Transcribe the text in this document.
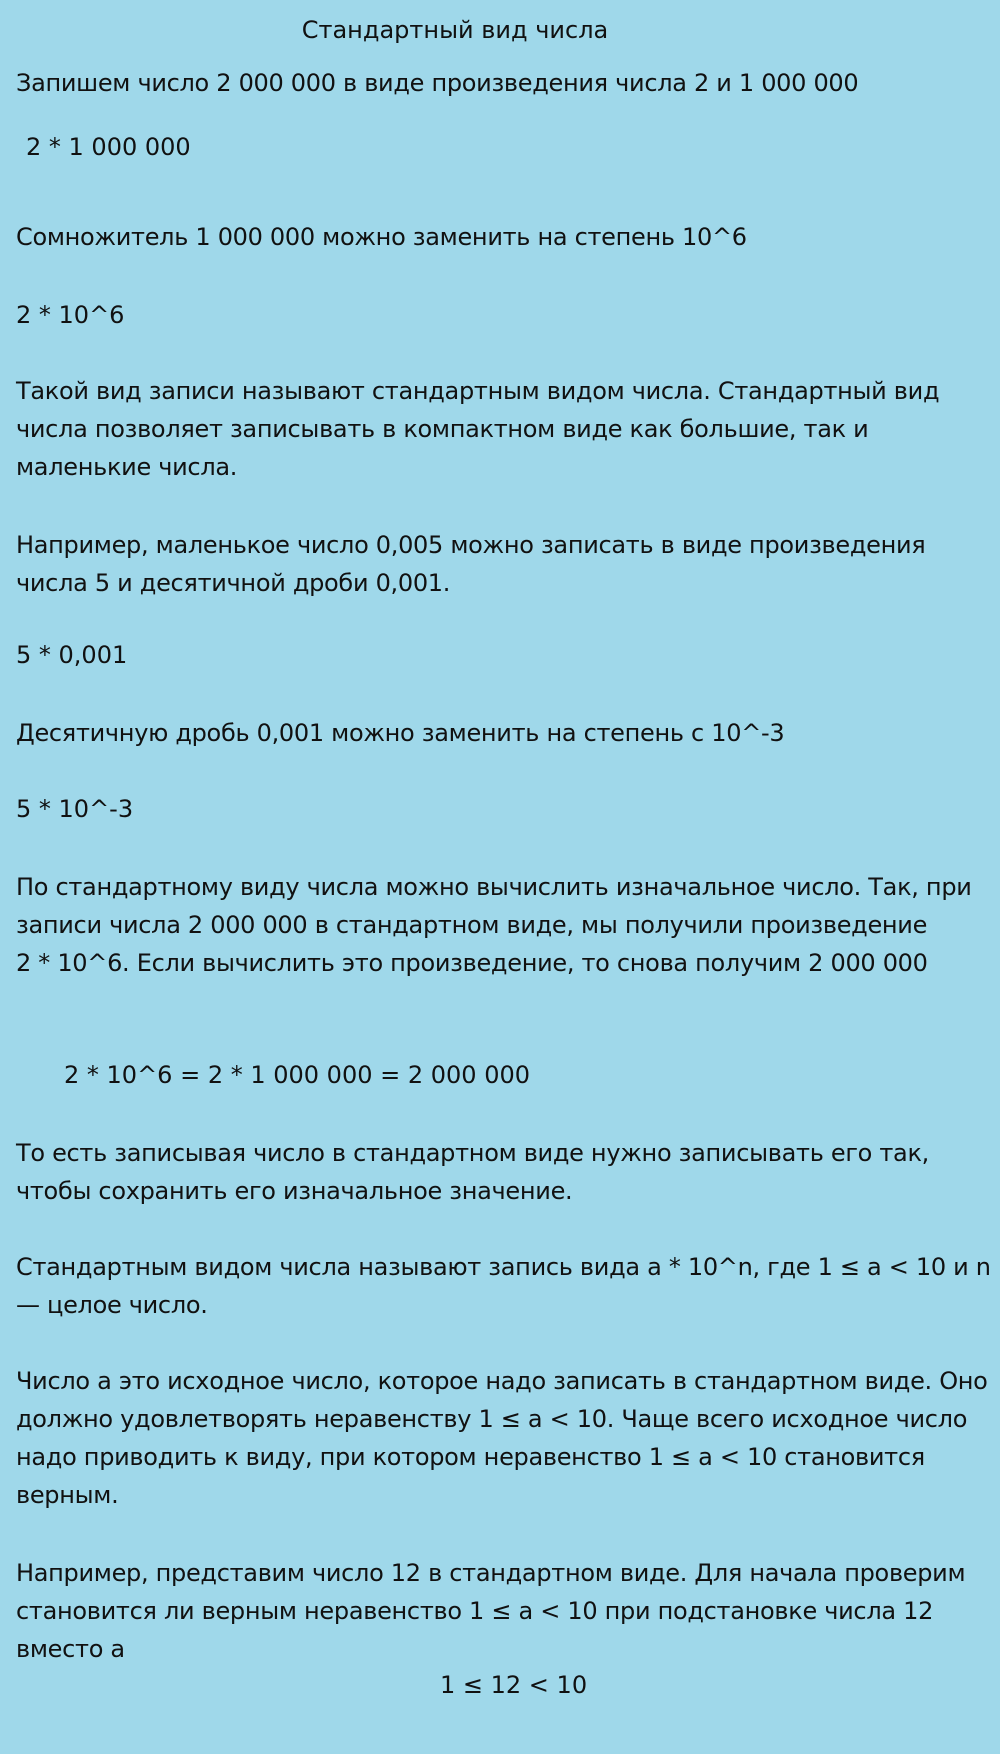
Стандартный вид числа

Запишем число 2 000 000 в виде произведения числа 2 и 1 000 000

2 * 1 000 000

Сомножитель 1 000 000 можно заменить на степень 10^6

2 * 10^6

Такой вид записи называют стандартным видом числа. Стандартный вид числа позволяет записывать в компактном виде как большие, так и маленькие числа.

Например, маленькое число 0,005 можно записать в виде произведения числа 5 и десятичной дроби 0,001.

5 * 0,001

Десятичную дробь 0,001 можно заменить на степень с 10^-3

5 * 10^-3

По стандартному виду числа можно вычислить изначальное число. Так, при записи числа 2 000 000 в стандартном виде, мы получили произведение        2 * 10^6. Если вычислить это произведение, то снова получим 2 000 000

2 * 10^6 = 2 * 1 000 000 = 2 000 000

То есть записывая число в стандартном виде нужно записывать его так, чтобы сохранить его изначальное значение.

Стандартным видом числа называют запись вида a * 10^n, где 1 ≤ a < 10 и n — целое число.

Число a это исходное число, которое надо записать в стандартном виде. Оно должно удовлетворять неравенству 1 ≤ a < 10. Чаще всего исходное число надо приводить к виду, при котором неравенство 1 ≤ a < 10 становится верным.

Например, представим число 12 в стандартном виде. Для начала проверим становится ли верным неравенство 1 ≤ a < 10 при подстановке числа 12 вместо a

1 ≤ 12 < 10
